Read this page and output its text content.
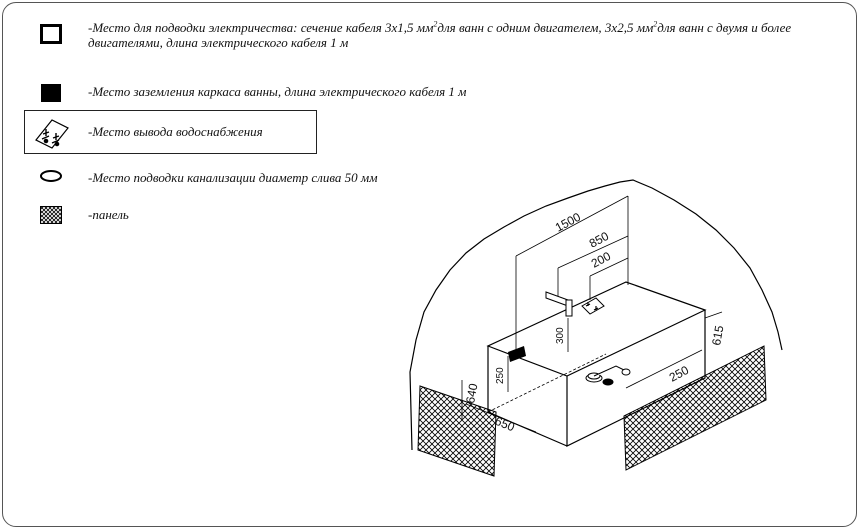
-Место для подводки электричества: сечение кабеля 3х1,5 $мм^2для$ ванн с одним двигателем, 3х2,5 $мм^2для$ ванн с двумя и более двигателями, длина электрического кабеля 1 м
-Место заземления каркаса ванны, длина электрического кабеля 1 м
-Место вывода водоснабжения
-Место подводки канализации диаметр слива 50 мм
-панель	1500
850
200
300
250
615
250
640
650
